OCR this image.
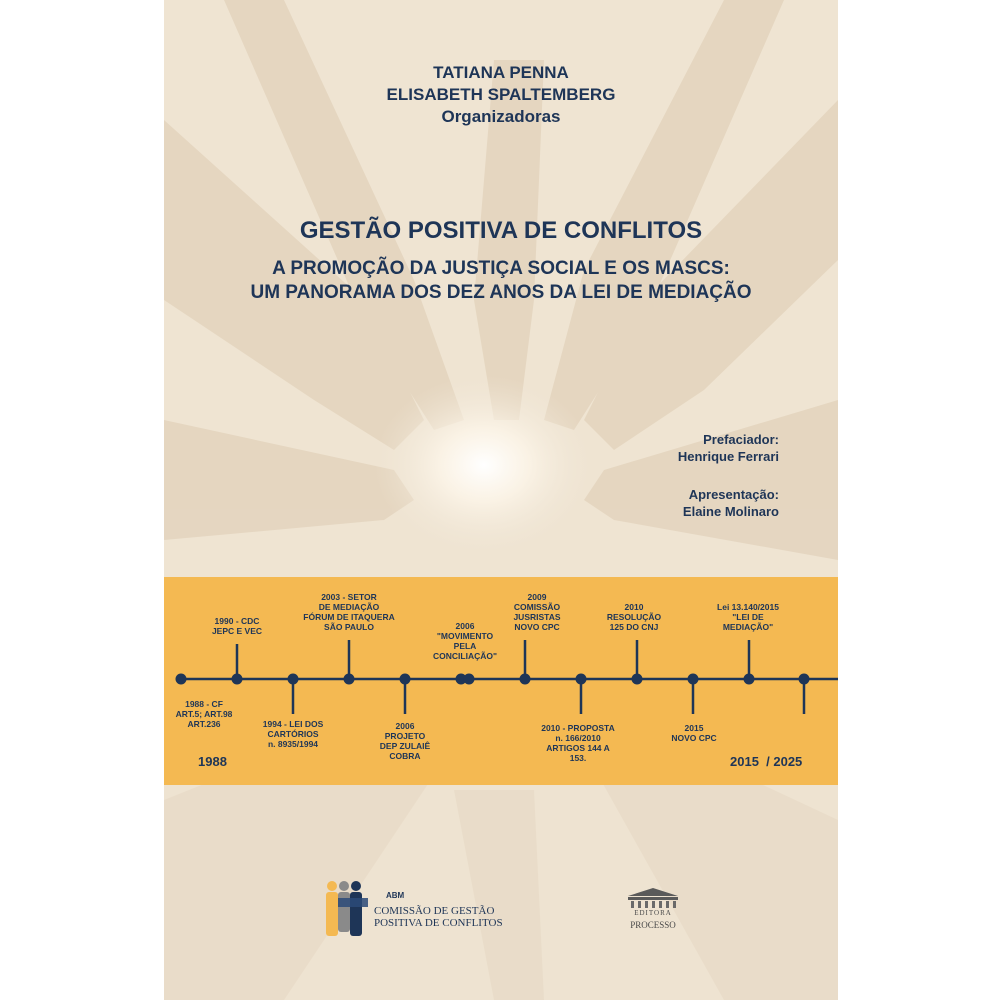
TATIANA PENNA
ELISABETH SPALTEMBERG
Organizadoras
GESTÃO POSITIVA DE CONFLITOS
A PROMOÇÃO DA JUSTIÇA SOCIAL E OS MASCS:
UM PANORAMA DOS DEZ ANOS DA LEI DE MEDIAÇÃO
Prefaciador:
Henrique Ferrari
Apresentação:
Elaine Molinaro
1990 - CDC
JEPC E VEC
2003 - SETOR
DE MEDIAÇÃO
FÓRUM DE ITAQUERA
SÃO PAULO	2006
"MOVIMENTO
PELA
CONCILIAÇÃO"
2009
COMISSÃO
JUSRISTAS
NOVO CPC
2010
RESOLUÇÃO
125 DO CNJ
Lei 13.140/2015
"LEI DE
MEDIAÇÃO"
1988 - CF
ART.5; ART.98
ART.236	1994 - LEI DOS
CARTÓRIOS
n. 8935/1994
2006
PROJETO
DEP ZULAIÊ
COBRA
2010 - PROPOSTA
n. 166/2010
ARTIGOS 144 A
153.
2015
NOVO CPC
1988	2015  / 2025
ABM
COMISSÃO DE GESTÃO
POSITIVA DE CONFLITOS
EDITORA
PROCESSO
